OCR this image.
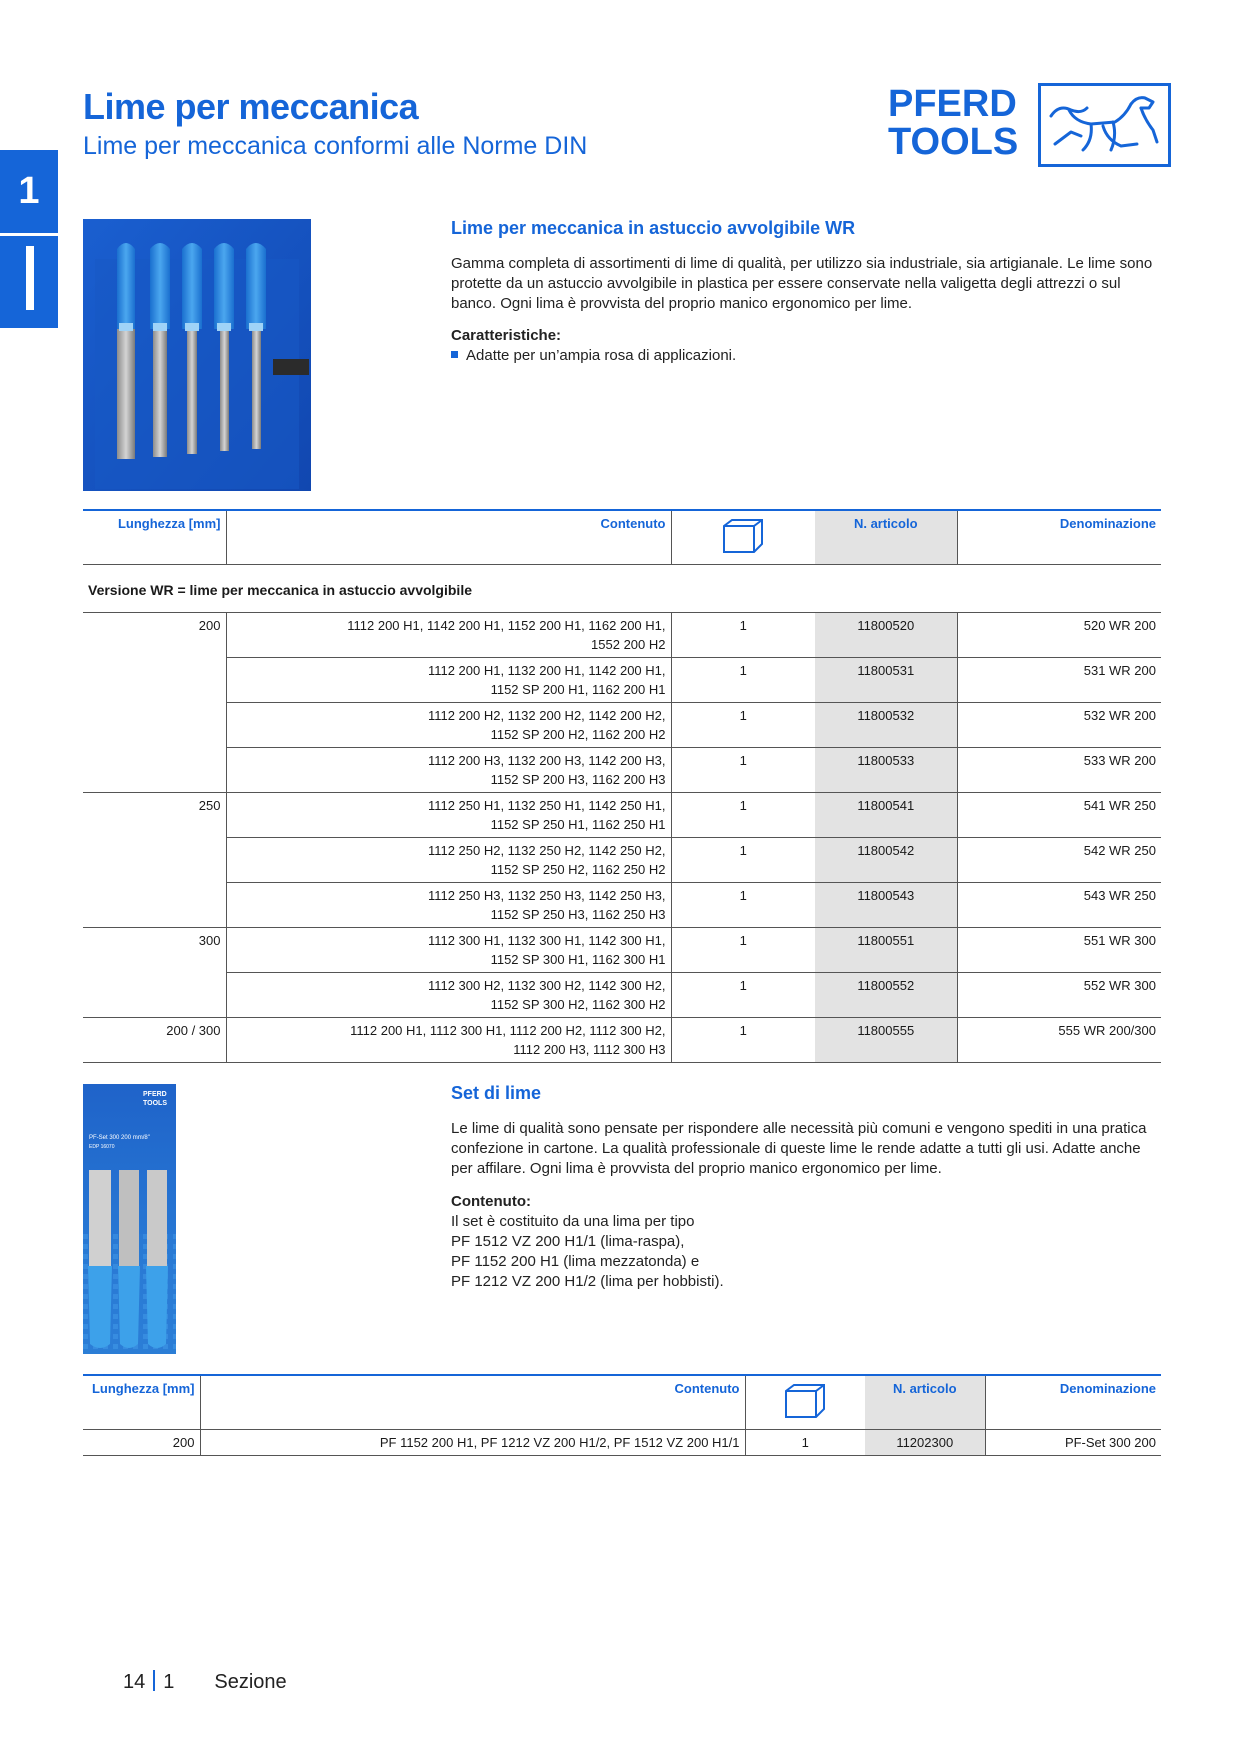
Lime per meccanica
Lime per meccanica conformi alle Norme DIN
PFERD
TOOLS
1
Lime per meccanica in astuccio avvolgibile WR
Gamma completa di assortimenti di lime di qualità, per utilizzo sia industriale, sia artigianale. Le lime sono protette da un astuccio avvolgibile in plastica per essere conservate nella valigetta degli attrezzi o sul banco. Ogni lima è provvista del proprio manico ergonomico per lime.
Caratteristiche:
Adatte per un’ampia rosa di applicazioni.
Lunghezza [mm]	Contenuto		N. articolo	Denominazione
Versione WR = lime per meccanica in astuccio avvolgibile				
200	1112 200 H1, 1142 200 H1, 1152 200 H1, 1162 200 H1,
1552 200 H2	1	11800520	520 WR 200

	1112 200 H1, 1132 200 H1, 1142 200 H1,
1152 SP 200 H1, 1162 200 H1	1	11800531	531 WR 200

	1112 200 H2, 1132 200 H2, 1142 200 H2,
1152 SP 200 H2, 1162 200 H2	1	11800532	532 WR 200

	1112 200 H3, 1132 200 H3, 1142 200 H3,
1152 SP 200 H3, 1162 200 H3	1	11800533	533 WR 200
250	1112 250 H1, 1132 250 H1, 1142 250 H1,
1152 SP 250 H1, 1162 250 H1	1	11800541	541 WR 250

	1112 250 H2, 1132 250 H2, 1142 250 H2,
1152 SP 250 H2, 1162 250 H2	1	11800542	542 WR 250

	1112 250 H3, 1132 250 H3, 1142 250 H3,
1152 SP 250 H3, 1162 250 H3	1	11800543	543 WR 250
300	1112 300 H1, 1132 300 H1, 1142 300 H1,
1152 SP 300 H1, 1162 300 H1	1	11800551	551 WR 300

	1112 300 H2, 1132 300 H2, 1142 300 H2,
1152 SP 300 H2, 1162 300 H2	1	11800552	552 WR 300
200 / 300	1112 200 H1, 1112 300 H1, 1112 200 H2, 1112 300 H2,
1112 200 H3, 1112 300 H3	1	11800555	555 WR 200/300
PFERD
TOOLS
PF-Set 300 200 mm/8"
EDP 16070
Set di lime
Le lime di qualità sono pensate per rispondere alle necessità più comuni e vengono spediti in una pratica confezione in cartone. La qualità professionale di queste lime le rende adatte a tutti gli usi. Adatte anche per affilare. Ogni lima è provvista del proprio manico ergonomico per lime.
Contenuto:
Il set è costituito da una lima per tipo
PF 1512 VZ 200 H1/1 (lima-raspa),
PF 1152 200 H1 (lima mezzatonda) e
PF 1212 VZ 200 H1/2 (lima per hobbisti).
Lunghezza [mm]	Contenuto		N. articolo	Denominazione
200	PF 1152 200 H1, PF 1212 VZ 200 H1/2, PF 1512 VZ 200 H1/1	1	11202300	PF-Set 300 200
14 1 Sezione
